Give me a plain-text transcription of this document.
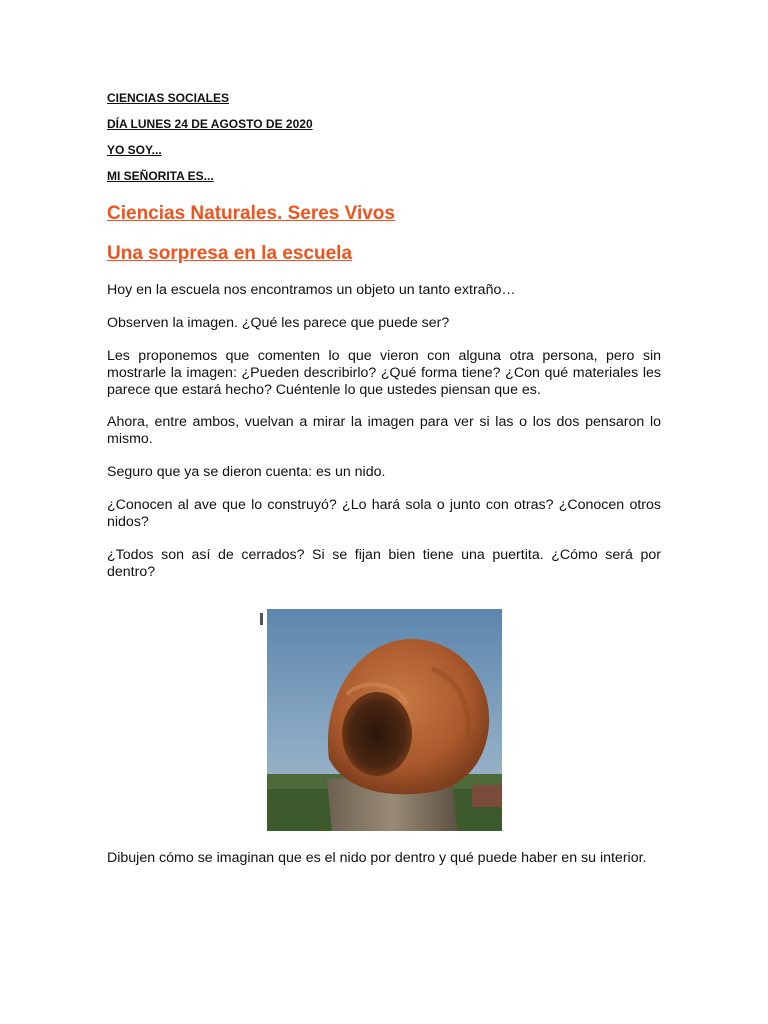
CIENCIAS SOCIALES

DÍA LUNES 24 DE AGOSTO DE 2020

YO SOY...

MI SEÑORITA ES...

Ciencias Naturales. Seres Vivos
Una sorpresa en la escuela

Hoy en la escuela nos encontramos un objeto un tanto extraño…

Observen la imagen. ¿Qué les parece que puede ser?

Les proponemos que comenten lo que vieron con alguna otra persona, pero sin mostrarle la imagen: ¿Pueden describirlo? ¿Qué forma tiene? ¿Con qué materiales les parece que estará hecho? Cuéntenle lo que ustedes piensan que es.

Ahora, entre ambos, vuelvan a mirar la imagen para ver si las o los dos pensaron lo mismo.

Seguro que ya se dieron cuenta: es un nido.

¿Conocen al ave que lo construyó? ¿Lo hará sola o junto con otras? ¿Conocen otros nidos?

¿Todos son así de cerrados? Si se fijan bien tiene una puertita. ¿Cómo será por dentro?

Dibujen cómo se imaginan que es el nido por dentro y qué puede haber en su interior.
